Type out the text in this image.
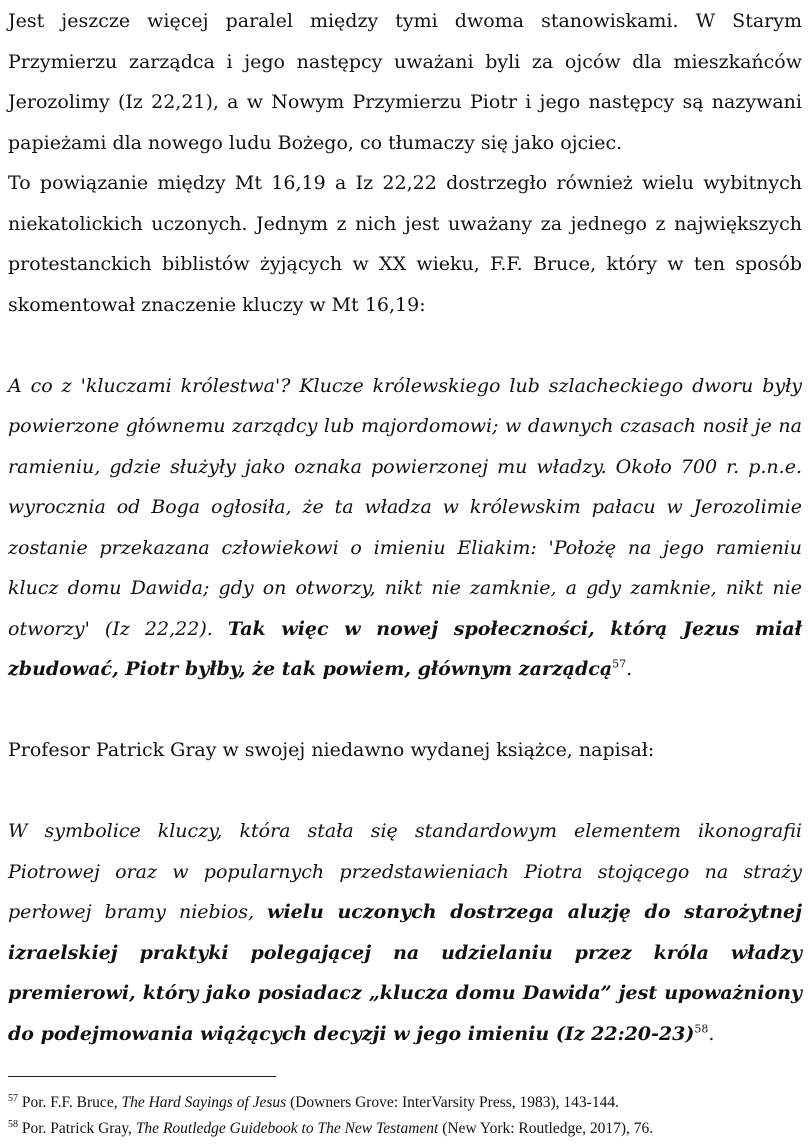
Jest jeszcze więcej paralel między tymi dwoma stanowiskami. W Starym Przymierzu zarządca i jego następcy uważani byli za ojców dla mieszkańców Jerozolimy (Iz 22,21), a w Nowym Przymierzu Piotr i jego następcy są nazywani papieżami dla nowego ludu Bożego, co tłumaczy się jako ojciec.

To powiązanie między Mt 16,19 a Iz 22,22 dostrzegło również wielu wybitnych niekatolickich uczonych. Jednym z nich jest uważany za jednego z największych protestanckich biblistów żyjących w XX wieku, F.F. Bruce, który w ten sposób skomentował znaczenie kluczy w Mt 16,19:

A co z 'kluczami królestwa'? Klucze królewskiego lub szlacheckiego dworu były powierzone głównemu zarządcy lub majordomowi; w dawnych czasach nosił je na ramieniu, gdzie służyły jako oznaka powierzonej mu władzy. Około 700 r. p.n.e. wyrocznia od Boga ogłosiła, że ta władza w królewskim pałacu w Jerozolimie zostanie przekazana człowiekowi o imieniu Eliakim: 'Położę na jego ramieniu klucz domu Dawida; gdy on otworzy, nikt nie zamknie, a gdy zamknie, nikt nie otworzy' (Iz 22,22). Tak więc w nowej społeczności, którą Jezus miał zbudować, Piotr byłby, że tak powiem, głównym zarządcą$^{57}$.

Profesor Patrick Gray w swojej niedawno wydanej książce, napisał:

W symbolice kluczy, która stała się standardowym elementem ikonografii Piotrowej oraz w popularnych przedstawieniach Piotra stojącego na straży perłowej bramy niebios, wielu uczonych dostrzega aluzję do starożytnej izraelskiej praktyki polegającej na udzielaniu przez króla władzy premierowi, który jako posiadacz „klucza domu Dawida” jest upoważniony do podejmowania wiążących decyzji w jego imieniu (Iz 22:20-23)$^{58}$.

$^{57}$ Por. F.F. Bruce, The Hard Sayings of Jesus (Downers Grove: InterVarsity Press, 1983), 143-144.

$^{58}$ Por. Patrick Gray, The Routledge Guidebook to The New Testament (New York: Routledge, 2017), 76.
